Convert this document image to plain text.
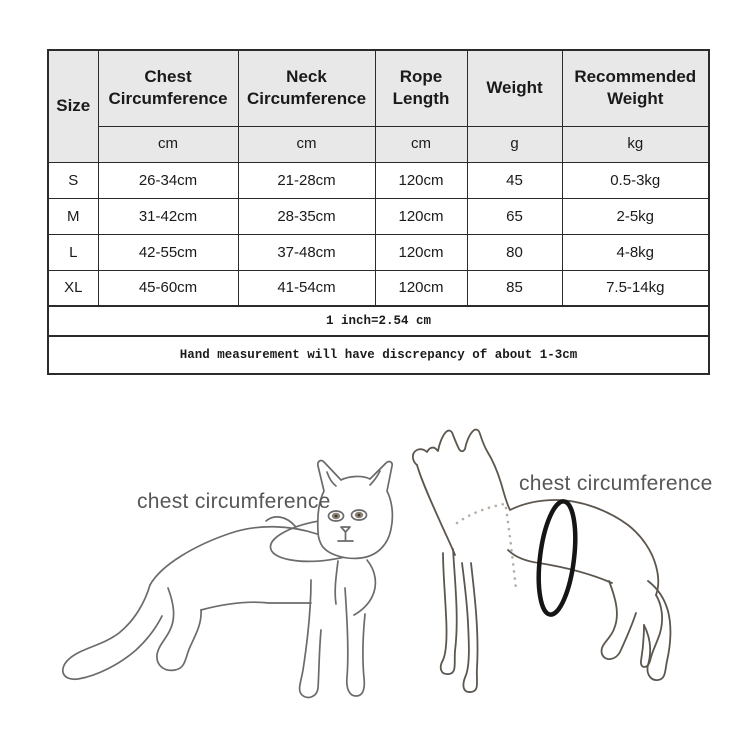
Size	Chest Circumference	Neck Circumference	Rope Length	Weight	Recommended Weight
	cm	cm	cm	g	kg
S	26-34cm	21-28cm	120cm	45	0.5-3kg
M	31-42cm	28-35cm	120cm	65	2-5kg
L	42-55cm	37-48cm	120cm	80	4-8kg
XL	45-60cm	41-54cm	120cm	85	7.5-14kg
1 inch=2.54 cm					
Hand measurement will have discrepancy of about 1-3cm					
chest circumference
chest circumference
